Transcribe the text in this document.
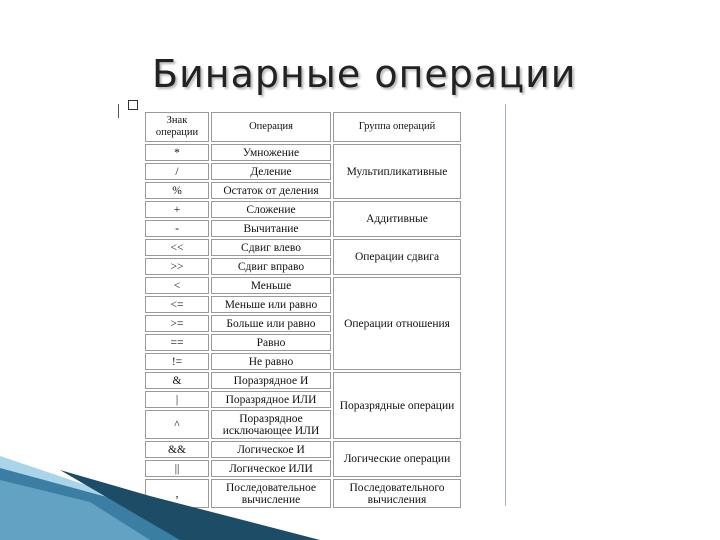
Бинарные операции
Знак операции	Операция	Группа операций
*	Умножение	Мультипликативные
/	Деление	
%	Остаток от деления	
+	Сложение	Аддитивные
-	Вычитание	
<<	Сдвиг влево	Операции сдвига
>>	Сдвиг вправо	
<	Меньше	Операции отношения
<=	Меньше или равно	
>=	Больше или равно	
==	Равно	
!=	Не равно	
&	Поразрядное И	Поразрядные операции
|	Поразрядное ИЛИ	
^	Поразрядное исключающее ИЛИ	
&&	Логическое И	Логические операции
||	Логическое ИЛИ	
,	Последовательное вычисление	Последовательного вычисления
